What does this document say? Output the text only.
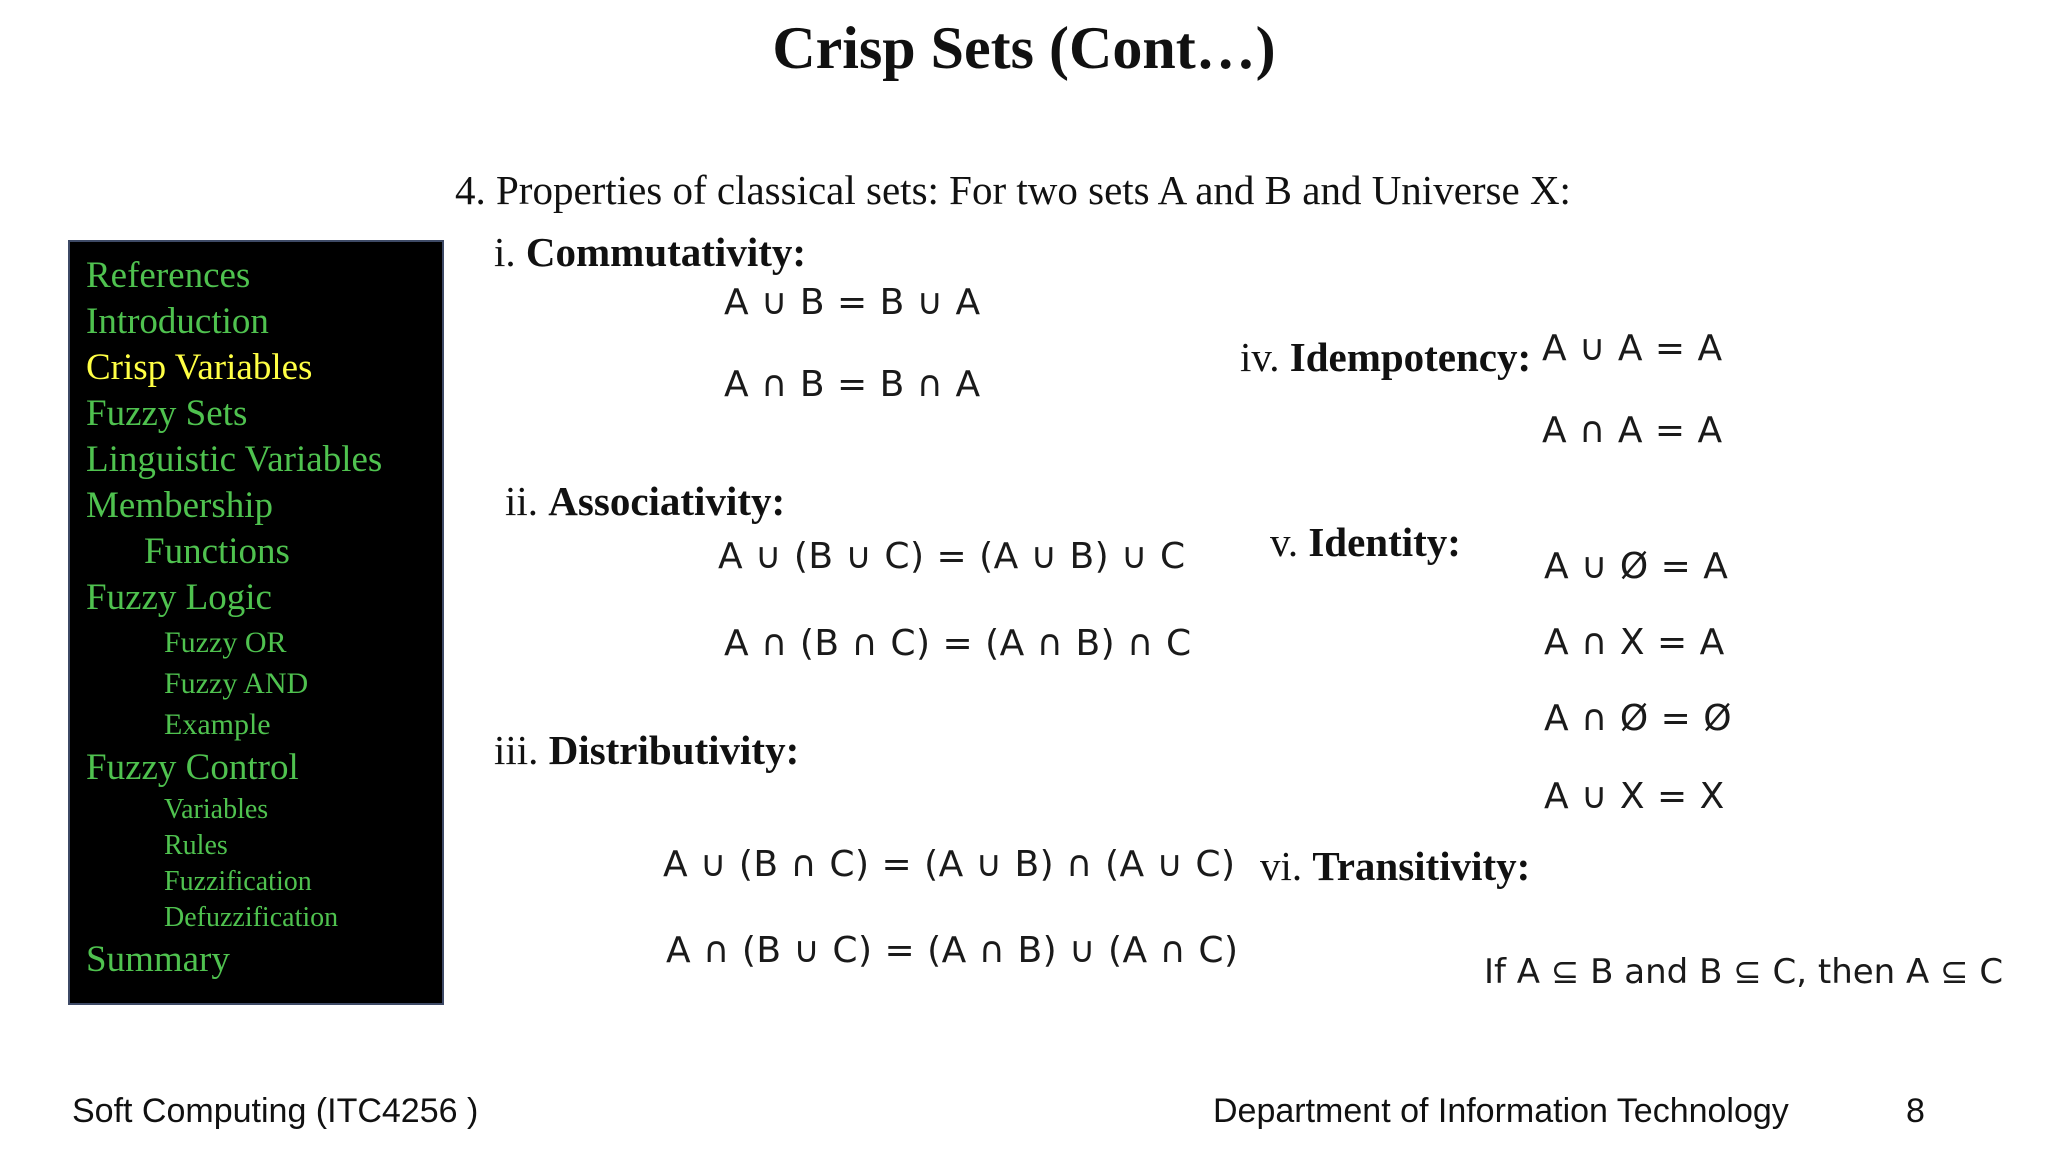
Crisp Sets (Cont…)
4. Properties of classical sets: For two sets A and B and Universe X:
i. Commutativity:
A ∪ B = B ∪ A
A ∩ B = B ∩ A
ii. Associativity:
A ∪ (B ∪ C) = (A ∪ B) ∪ C
A ∩ (B ∩ C) = (A ∩ B) ∩ C
iii. Distributivity:
A ∪ (B ∩ C) = (A ∪ B) ∩ (A ∪ C)
A ∩ (B ∪ C) = (A ∩ B) ∪ (A ∩ C)
iv. Idempotency: A ∪ A = A
A ∩ A = A
v. Identity:
A ∪ Ø = A
A ∩ X = A
A ∩ Ø = Ø
A ∪ X = X
vi. Transitivity:
If A ⊆ B and B ⊆ C, then A ⊆ C
References
Introduction
Crisp Variables
Fuzzy Sets
Linguistic Variables
Membership
Functions
Fuzzy Logic
Fuzzy OR
Fuzzy AND
Example
Fuzzy Control
Variables
Rules
Fuzzification
Defuzzification
Summary
Soft Computing (ITC4256 )	Department of Information Technology	8
